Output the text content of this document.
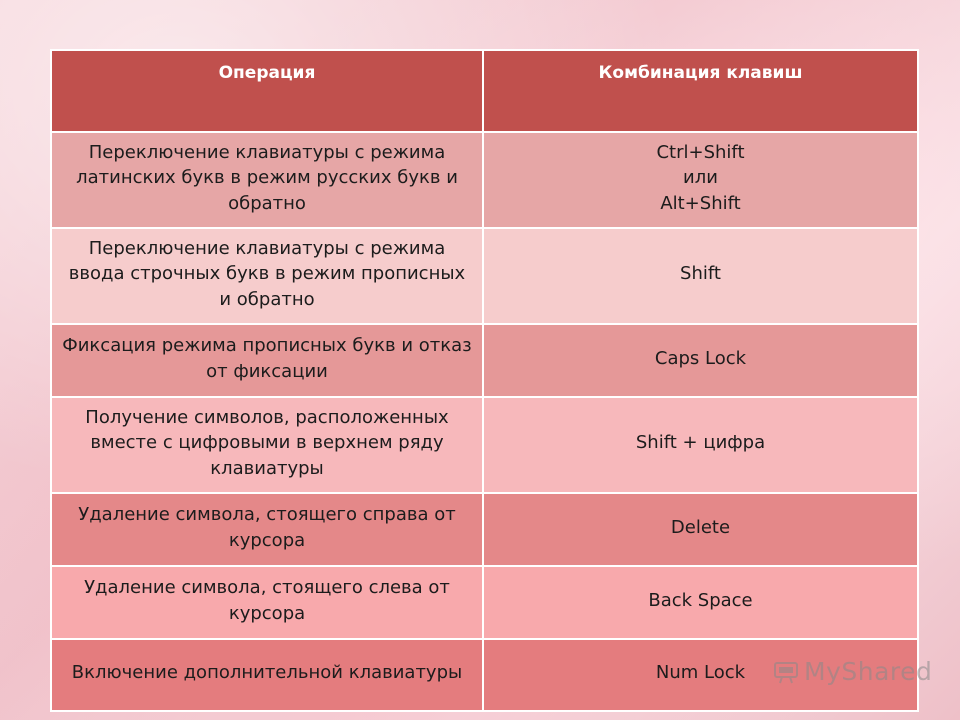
Операция	Комбинация клавиш
Переключение клавиатуры с режима латинских букв в режим русских букв и обратно	Ctrl+Shift
или
Alt+Shift

Переключение клавиатуры с режима ввода строчных букв в режим прописных и обратно	Shift

Фиксация режима прописных букв и отказ от фиксации	Caps Lock

Получение символов, расположенных вместе с цифровыми в верхнем ряду клавиатуры	Shift + цифра

Удаление символа, стоящего справа от курсора	Delete

Удаление символа, стоящего слева от курсора	Back Space

Включение дополнительной клавиатуры	Num Lock	MyShared
